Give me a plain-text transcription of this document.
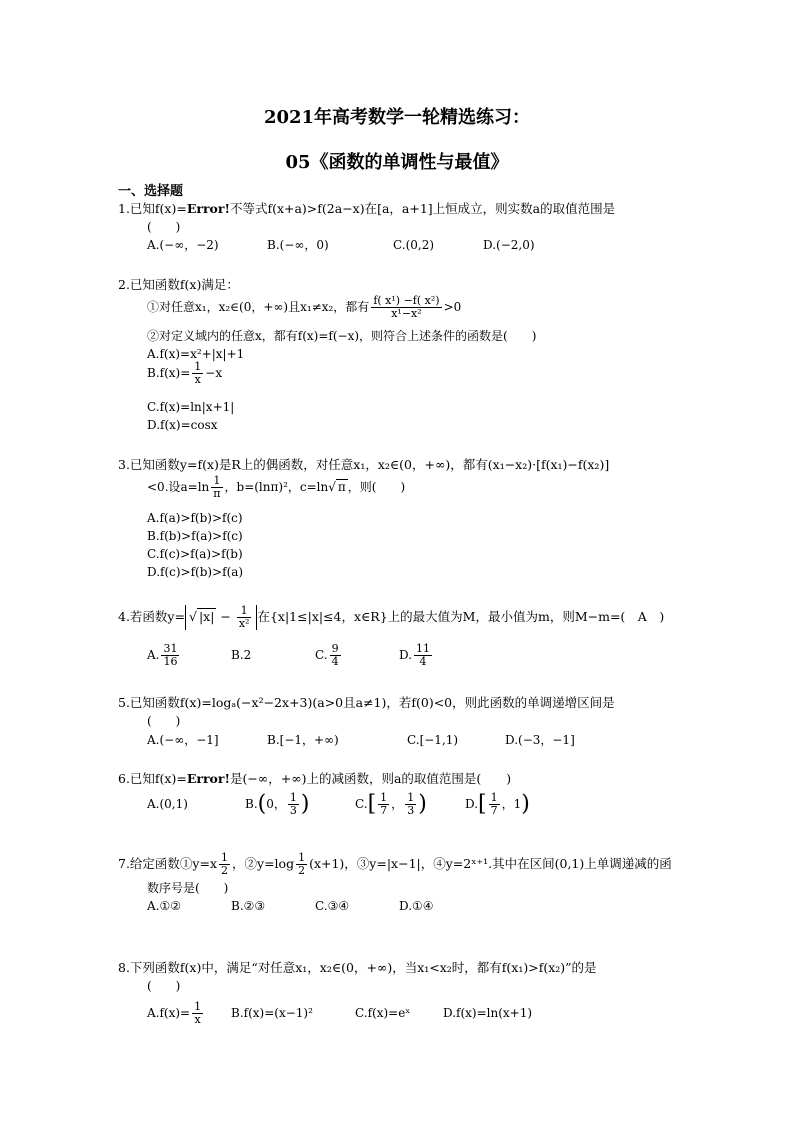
2021年高考数学一轮精选练习：
05《函数的单调性与最值》
一、选择题
1.已知f(x)=Error!不等式f(x+a)>f(2a−x)在[a，a+1]上恒成立，则实数a的取值范围是
(　　)
A.(−∞，−2)	B.(−∞，0)	C.(0,2)	D.(−2,0)
2.已知函数f(x)满足：
①对任意x₁，x₂∈(0，+∞)且x₁≠x₂，都有 $\frac{\text{f( x¹) −f( x²)}}{\text{x¹−x²}} >0$
②对定义域内的任意x，都有f(x)=f(−x)，则符合上述条件的函数是(　　)
A.f(x)=x²+|x|+1
$B.f(x)= \frac{1}{x} -x$
C.f(x)=ln|x+1|
D.f(x)=cosx
3.已知函数y=f(x)是R上的偶函数，对任意x₁，x₂∈(0，+∞)，都有(x₁−x₂)·[f(x₁)−f(x₂)]
<0.设$a=\ln \frac{1}{\pi}$ ，b=(lnπ)²，c=ln√ π ，则(　　)
A.f(a)>f(b)>f(c)
B.f(b)>f(a)>f(c)
C.f(c)>f(a)>f(b)
D.f(c)>f(b)>f(a)
4.若函数y= √ $|x| - \frac{1}{\text{x²}}$ 在{x|1≤|x|≤4，x∈R}上的最大值为M，最小值为m，则M−m=(　A　)
A. $\frac{31}{16}$	B.2	C. $\frac{9}{4}$	D. $\frac{11}{4}$
5.已知函数f(x)=logₐ(−x²−2x+3)(a>0且a≠1)，若f(0)<0，则此函数的单调递增区间是
(　　)
A.(−∞，−1]	B.[−1，+∞)	C.[−1,1)	D.(−3，−1]
6.已知f(x)=Error!是(−∞，+∞)上的减函数，则a的取值范围是(　　)
A.(0,1)	B.(0， $\frac{1}{3}$ )	$C.[ \frac{1}{7}$ ， $\frac{1}{3}$ )	$D.[ \frac{1}{7}$ ，1)
7.给定函数①y=x $\frac{1}{2}$ ，②y=log $\frac{1}{2} (x+1)$，③y=|x−1|，④y=2ˣ⁺¹.其中在区间(0,1)上单调递减的函
数序号是(　　)
A.①②	B.②③	C.③④	D.①④
8.下列函数f(x)中，满足“对任意x₁，x₂∈(0，+∞)，当x₁<x₂时，都有f(x₁)>f(x₂)”的是
(　　)
$A.f(x)= \frac{1}{x} B.f(x)=(x-1)^2$	C.f(x)=eˣ	D.f(x)=ln(x+1)
